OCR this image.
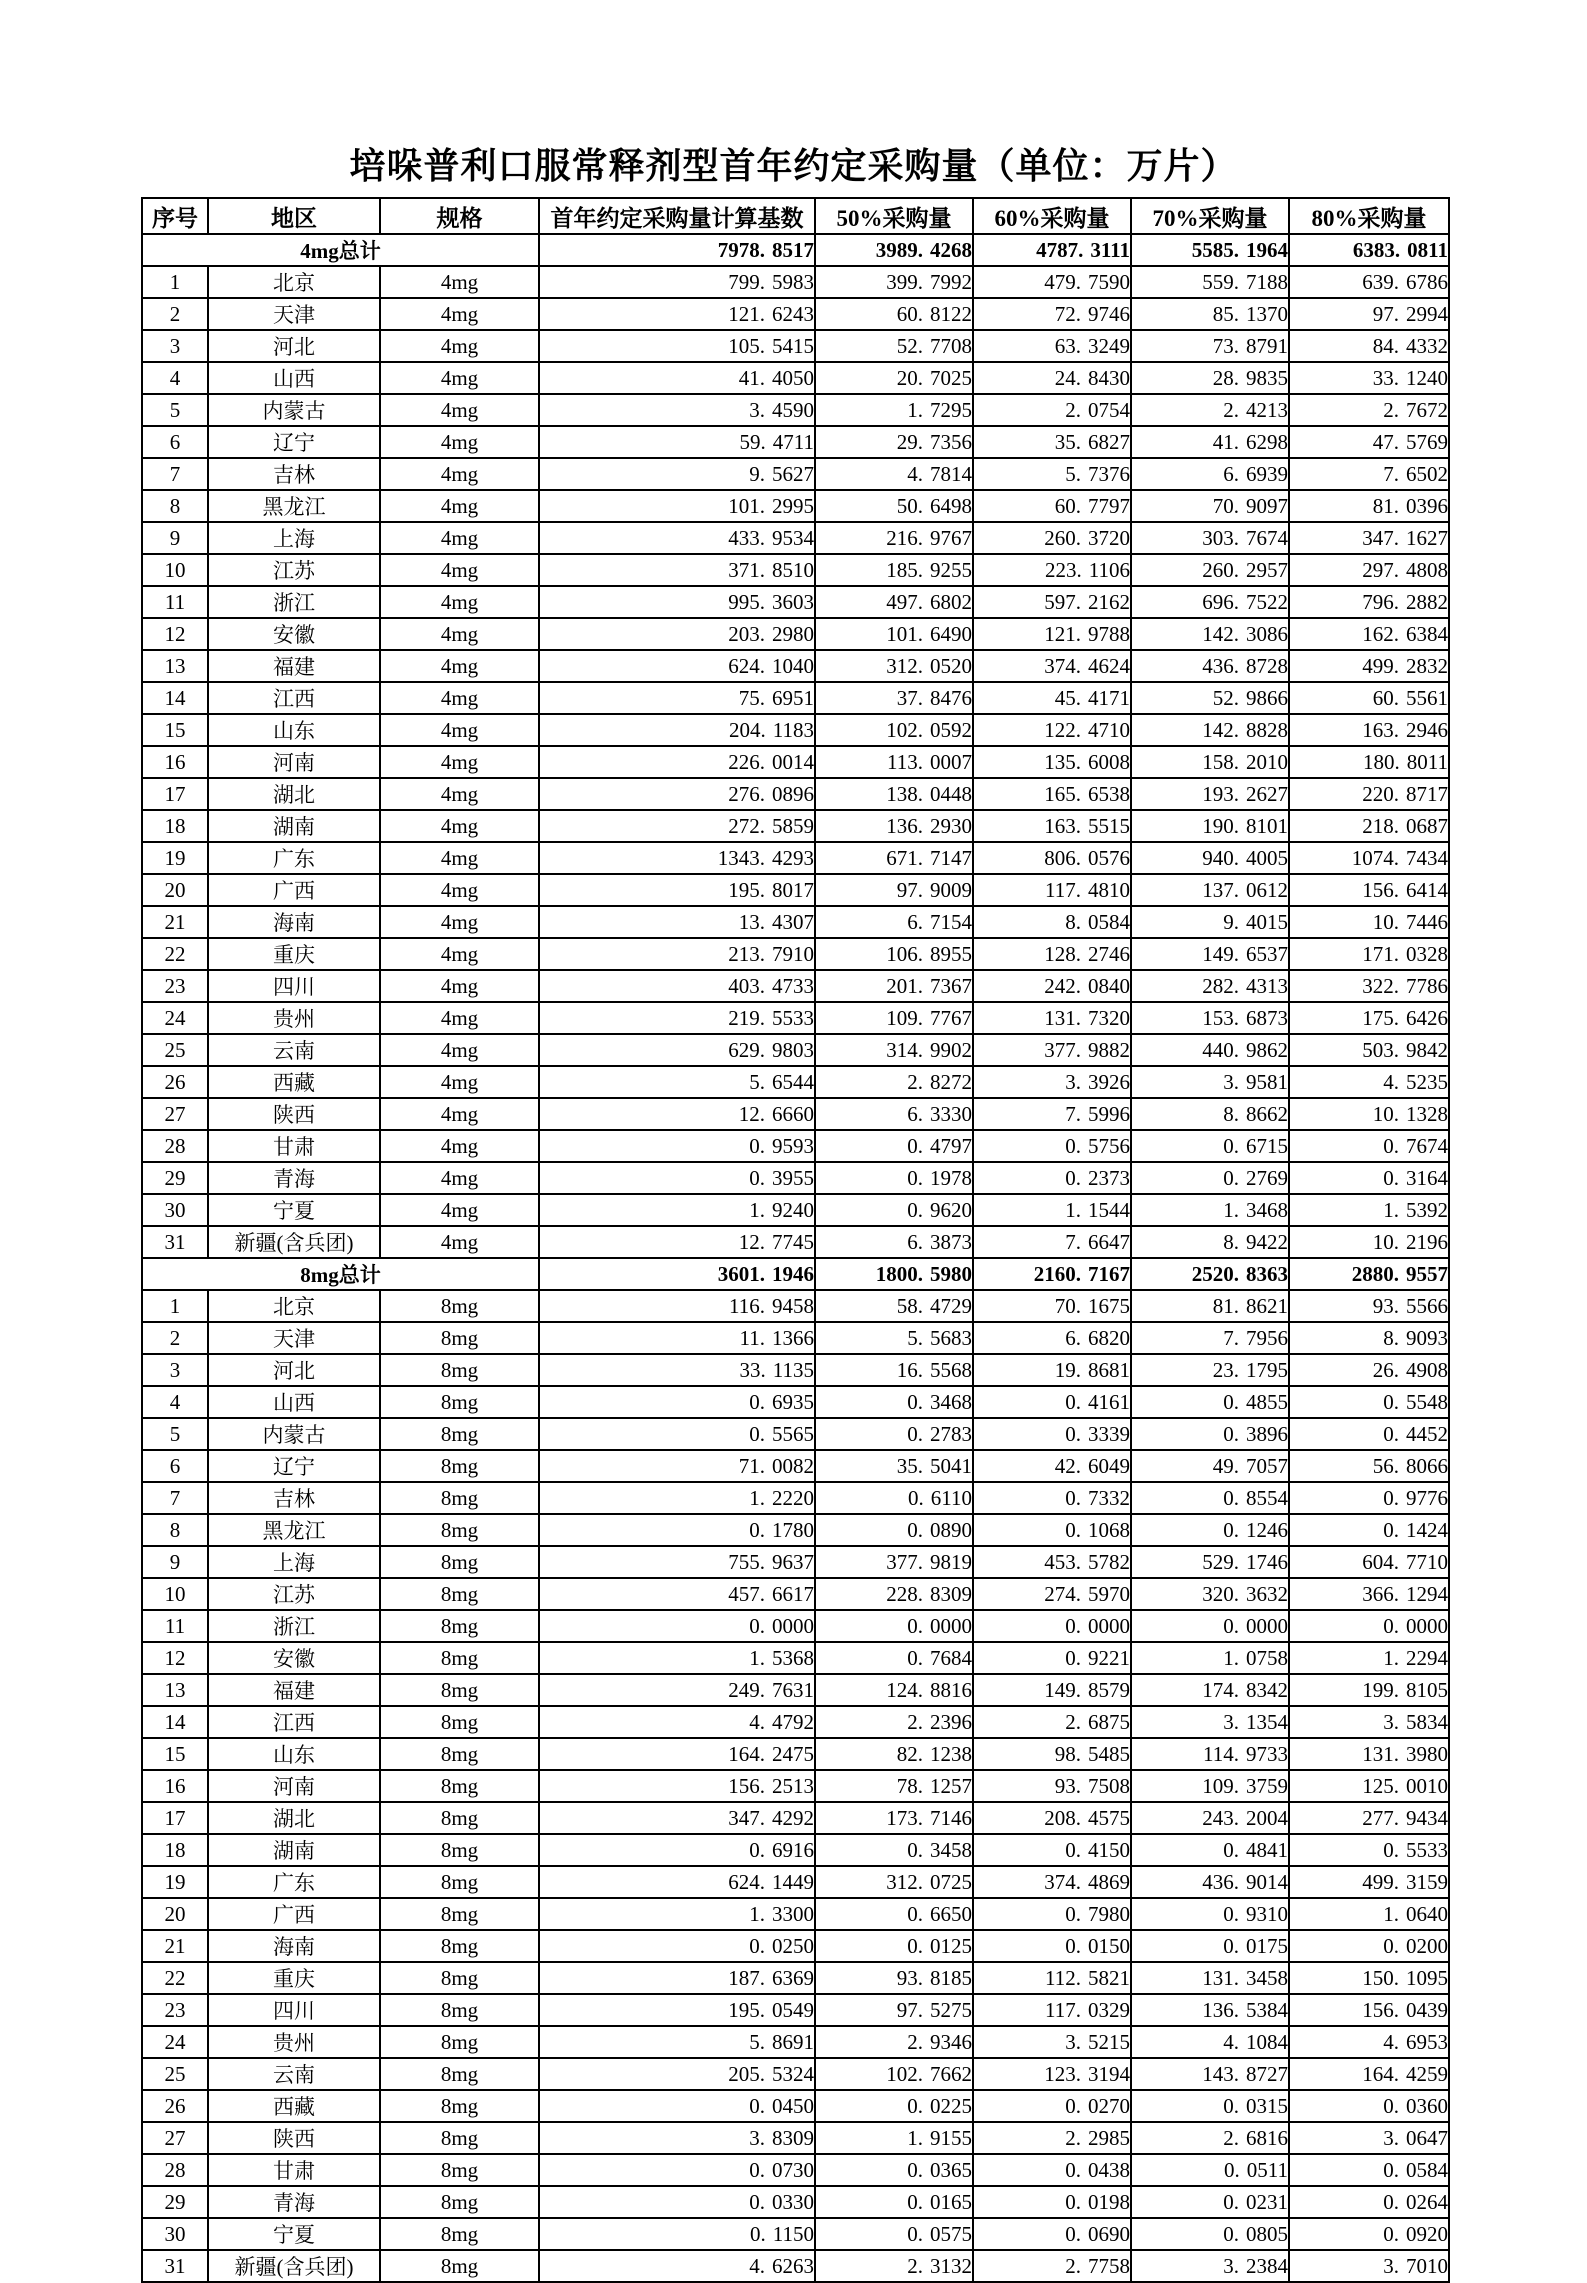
培哚普利口服常释剂型首年约定采购量（单位：万片）
序号	地区	规格	首年约定采购量计算基数	50%采购量	60%采购量	70%采购量	80%采购量
4mg总计			7978. 8517	3989. 4268	4787. 3111	5585. 1964	6383. 0811
1	北京	4mg	799. 5983	399. 7992	479. 7590	559. 7188	639. 6786
2	天津	4mg	121. 6243	60. 8122	72. 9746	85. 1370	97. 2994
3	河北	4mg	105. 5415	52. 7708	63. 3249	73. 8791	84. 4332
4	山西	4mg	41. 4050	20. 7025	24. 8430	28. 9835	33. 1240
5	内蒙古	4mg	3. 4590	1. 7295	2. 0754	2. 4213	2. 7672
6	辽宁	4mg	59. 4711	29. 7356	35. 6827	41. 6298	47. 5769
7	吉林	4mg	9. 5627	4. 7814	5. 7376	6. 6939	7. 6502
8	黑龙江	4mg	101. 2995	50. 6498	60. 7797	70. 9097	81. 0396
9	上海	4mg	433. 9534	216. 9767	260. 3720	303. 7674	347. 1627
10	江苏	4mg	371. 8510	185. 9255	223. 1106	260. 2957	297. 4808
11	浙江	4mg	995. 3603	497. 6802	597. 2162	696. 7522	796. 2882
12	安徽	4mg	203. 2980	101. 6490	121. 9788	142. 3086	162. 6384
13	福建	4mg	624. 1040	312. 0520	374. 4624	436. 8728	499. 2832
14	江西	4mg	75. 6951	37. 8476	45. 4171	52. 9866	60. 5561
15	山东	4mg	204. 1183	102. 0592	122. 4710	142. 8828	163. 2946
16	河南	4mg	226. 0014	113. 0007	135. 6008	158. 2010	180. 8011
17	湖北	4mg	276. 0896	138. 0448	165. 6538	193. 2627	220. 8717
18	湖南	4mg	272. 5859	136. 2930	163. 5515	190. 8101	218. 0687
19	广东	4mg	1343. 4293	671. 7147	806. 0576	940. 4005	1074. 7434
20	广西	4mg	195. 8017	97. 9009	117. 4810	137. 0612	156. 6414
21	海南	4mg	13. 4307	6. 7154	8. 0584	9. 4015	10. 7446
22	重庆	4mg	213. 7910	106. 8955	128. 2746	149. 6537	171. 0328
23	四川	4mg	403. 4733	201. 7367	242. 0840	282. 4313	322. 7786
24	贵州	4mg	219. 5533	109. 7767	131. 7320	153. 6873	175. 6426
25	云南	4mg	629. 9803	314. 9902	377. 9882	440. 9862	503. 9842
26	西藏	4mg	5. 6544	2. 8272	3. 3926	3. 9581	4. 5235
27	陕西	4mg	12. 6660	6. 3330	7. 5996	8. 8662	10. 1328
28	甘肃	4mg	0. 9593	0. 4797	0. 5756	0. 6715	0. 7674
29	青海	4mg	0. 3955	0. 1978	0. 2373	0. 2769	0. 3164
30	宁夏	4mg	1. 9240	0. 9620	1. 1544	1. 3468	1. 5392
31	新疆(含兵团)	4mg	12. 7745	6. 3873	7. 6647	8. 9422	10. 2196
8mg总计			3601. 1946	1800. 5980	2160. 7167	2520. 8363	2880. 9557
1	北京	8mg	116. 9458	58. 4729	70. 1675	81. 8621	93. 5566
2	天津	8mg	11. 1366	5. 5683	6. 6820	7. 7956	8. 9093
3	河北	8mg	33. 1135	16. 5568	19. 8681	23. 1795	26. 4908
4	山西	8mg	0. 6935	0. 3468	0. 4161	0. 4855	0. 5548
5	内蒙古	8mg	0. 5565	0. 2783	0. 3339	0. 3896	0. 4452
6	辽宁	8mg	71. 0082	35. 5041	42. 6049	49. 7057	56. 8066
7	吉林	8mg	1. 2220	0. 6110	0. 7332	0. 8554	0. 9776
8	黑龙江	8mg	0. 1780	0. 0890	0. 1068	0. 1246	0. 1424
9	上海	8mg	755. 9637	377. 9819	453. 5782	529. 1746	604. 7710
10	江苏	8mg	457. 6617	228. 8309	274. 5970	320. 3632	366. 1294
11	浙江	8mg	0. 0000	0. 0000	0. 0000	0. 0000	0. 0000
12	安徽	8mg	1. 5368	0. 7684	0. 9221	1. 0758	1. 2294
13	福建	8mg	249. 7631	124. 8816	149. 8579	174. 8342	199. 8105
14	江西	8mg	4. 4792	2. 2396	2. 6875	3. 1354	3. 5834
15	山东	8mg	164. 2475	82. 1238	98. 5485	114. 9733	131. 3980
16	河南	8mg	156. 2513	78. 1257	93. 7508	109. 3759	125. 0010
17	湖北	8mg	347. 4292	173. 7146	208. 4575	243. 2004	277. 9434
18	湖南	8mg	0. 6916	0. 3458	0. 4150	0. 4841	0. 5533
19	广东	8mg	624. 1449	312. 0725	374. 4869	436. 9014	499. 3159
20	广西	8mg	1. 3300	0. 6650	0. 7980	0. 9310	1. 0640
21	海南	8mg	0. 0250	0. 0125	0. 0150	0. 0175	0. 0200
22	重庆	8mg	187. 6369	93. 8185	112. 5821	131. 3458	150. 1095
23	四川	8mg	195. 0549	97. 5275	117. 0329	136. 5384	156. 0439
24	贵州	8mg	5. 8691	2. 9346	3. 5215	4. 1084	4. 6953
25	云南	8mg	205. 5324	102. 7662	123. 3194	143. 8727	164. 4259
26	西藏	8mg	0. 0450	0. 0225	0. 0270	0. 0315	0. 0360
27	陕西	8mg	3. 8309	1. 9155	2. 2985	2. 6816	3. 0647
28	甘肃	8mg	0. 0730	0. 0365	0. 0438	0. 0511	0. 0584
29	青海	8mg	0. 0330	0. 0165	0. 0198	0. 0231	0. 0264
30	宁夏	8mg	0. 1150	0. 0575	0. 0690	0. 0805	0. 0920
31	新疆(含兵团)	8mg	4. 6263	2. 3132	2. 7758	3. 2384	3. 7010
